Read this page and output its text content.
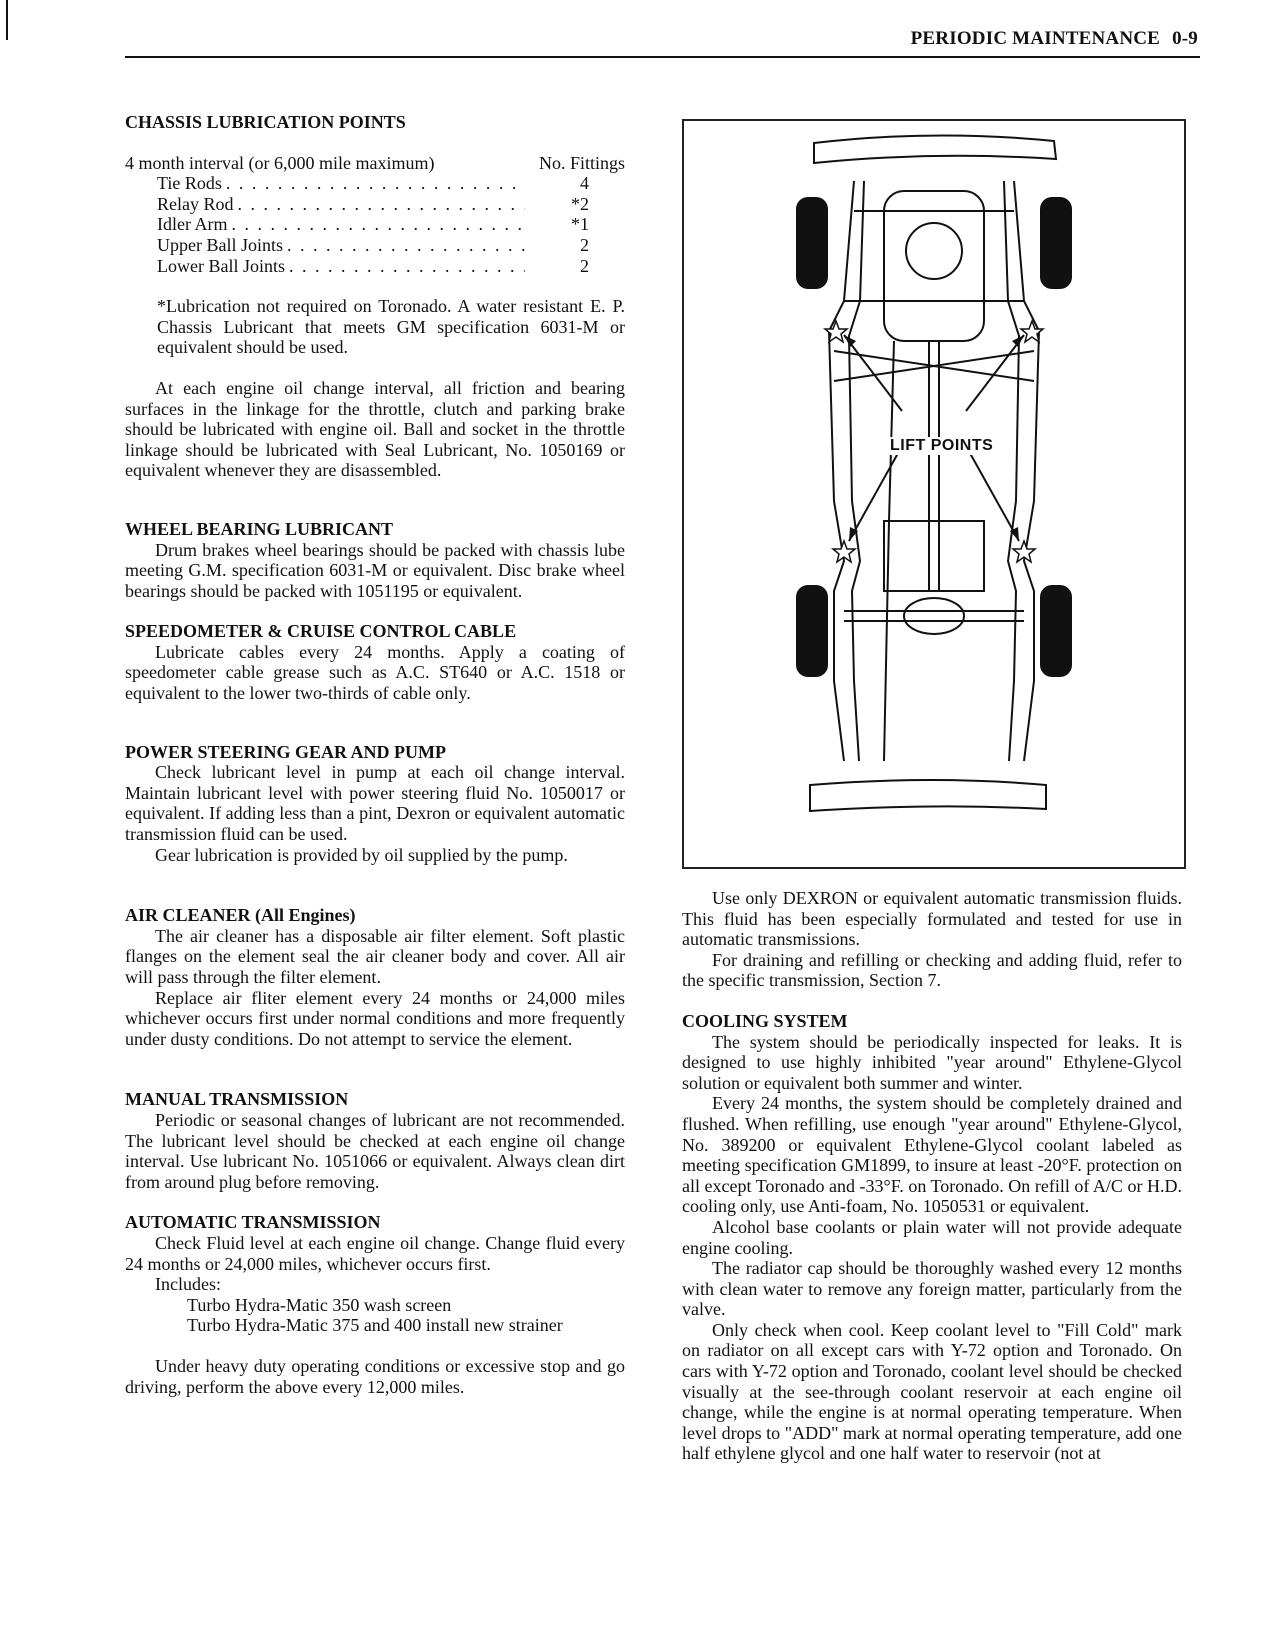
PERIODIC MAINTENANCE 0-9

CHASSIS LUBRICATION POINTS

4 month interval (or 6,000 mile maximum)	No. Fittings
Tie Rods . . .	4
Relay Rod . . .	*2
Idler Arm . . .	*1
Upper Ball Joints . . .	2
Lower Ball Joints . . .	2

*Lubrication not required on Toronado. A water resistant E. P. Chassis Lubricant that meets GM specification 6031-M or equivalent should be used.

At each engine oil change interval, all friction and bearing surfaces in the linkage for the throttle, clutch and parking brake should be lubricated with engine oil. Ball and socket in the throttle linkage should be lubricated with Seal Lubricant, No. 1050169 or equivalent whenever they are disassembled.

WHEEL BEARING LUBRICANT

Drum brakes wheel bearings should be packed with chassis lube meeting G.M. specification 6031-M or equivalent. Disc brake wheel bearings should be packed with 1051195 or equivalent.

SPEEDOMETER & CRUISE CONTROL CABLE

Lubricate cables every 24 months. Apply a coating of speedometer cable grease such as A.C. ST640 or A.C. 1518 or equivalent to the lower two-thirds of cable only.

POWER STEERING GEAR AND PUMP

Check lubricant level in pump at each oil change interval. Maintain lubricant level with power steering fluid No. 1050017 or equivalent. If adding less than a pint, Dexron or equivalent automatic transmission fluid can be used.

Gear lubrication is provided by oil supplied by the pump.

AIR CLEANER (All Engines)

The air cleaner has a disposable air filter element. Soft plastic flanges on the element seal the air cleaner body and cover. All air will pass through the filter element.

Replace air fliter element every 24 months or 24,000 miles whichever occurs first under normal conditions and more frequently under dusty conditions. Do not attempt to service the element.

MANUAL TRANSMISSION

Periodic or seasonal changes of lubricant are not recommended. The lubricant level should be checked at each engine oil change interval. Use lubricant No. 1051066 or equivalent. Always clean dirt from around plug before removing.

AUTOMATIC TRANSMISSION

Check Fluid level at each engine oil change. Change fluid every 24 months or 24,000 miles, whichever occurs first.

Includes:

Turbo Hydra-Matic 350 wash screen

Turbo Hydra-Matic 375 and 400 install new strainer

Under heavy duty operating conditions or excessive stop and go driving, perform the above every 12,000 miles.

LIFT POINTS

Use only DEXRON or equivalent automatic transmission fluids. This fluid has been especially formulated and tested for use in automatic transmissions.

For draining and refilling or checking and adding fluid, refer to the specific transmission, Section 7.

COOLING SYSTEM

The system should be periodically inspected for leaks. It is designed to use highly inhibited "year around" Ethylene-Glycol solution or equivalent both summer and winter.

Every 24 months, the system should be completely drained and flushed. When refilling, use enough "year around" Ethylene-Glycol, No. 389200 or equivalent Ethylene-Glycol coolant labeled as meeting specification GM1899, to insure at least -20°F. protection on all except Toronado and -33°F. on Toronado. On refill of A/C or H.D. cooling only, use Anti-foam, No. 1050531 or equivalent.

Alcohol base coolants or plain water will not provide adequate engine cooling.

The radiator cap should be thoroughly washed every 12 months with clean water to remove any foreign matter, particularly from the valve.

Only check when cool. Keep coolant level to "Fill Cold" mark on radiator on all except cars with Y-72 option and Toronado. On cars with Y-72 option and Toronado, coolant level should be checked visually at the see-through coolant reservoir at each engine oil change, while the engine is at normal operating temperature. When level drops to "ADD" mark at normal operating temperature, add one half ethylene glycol and one half water to reservoir (not at
